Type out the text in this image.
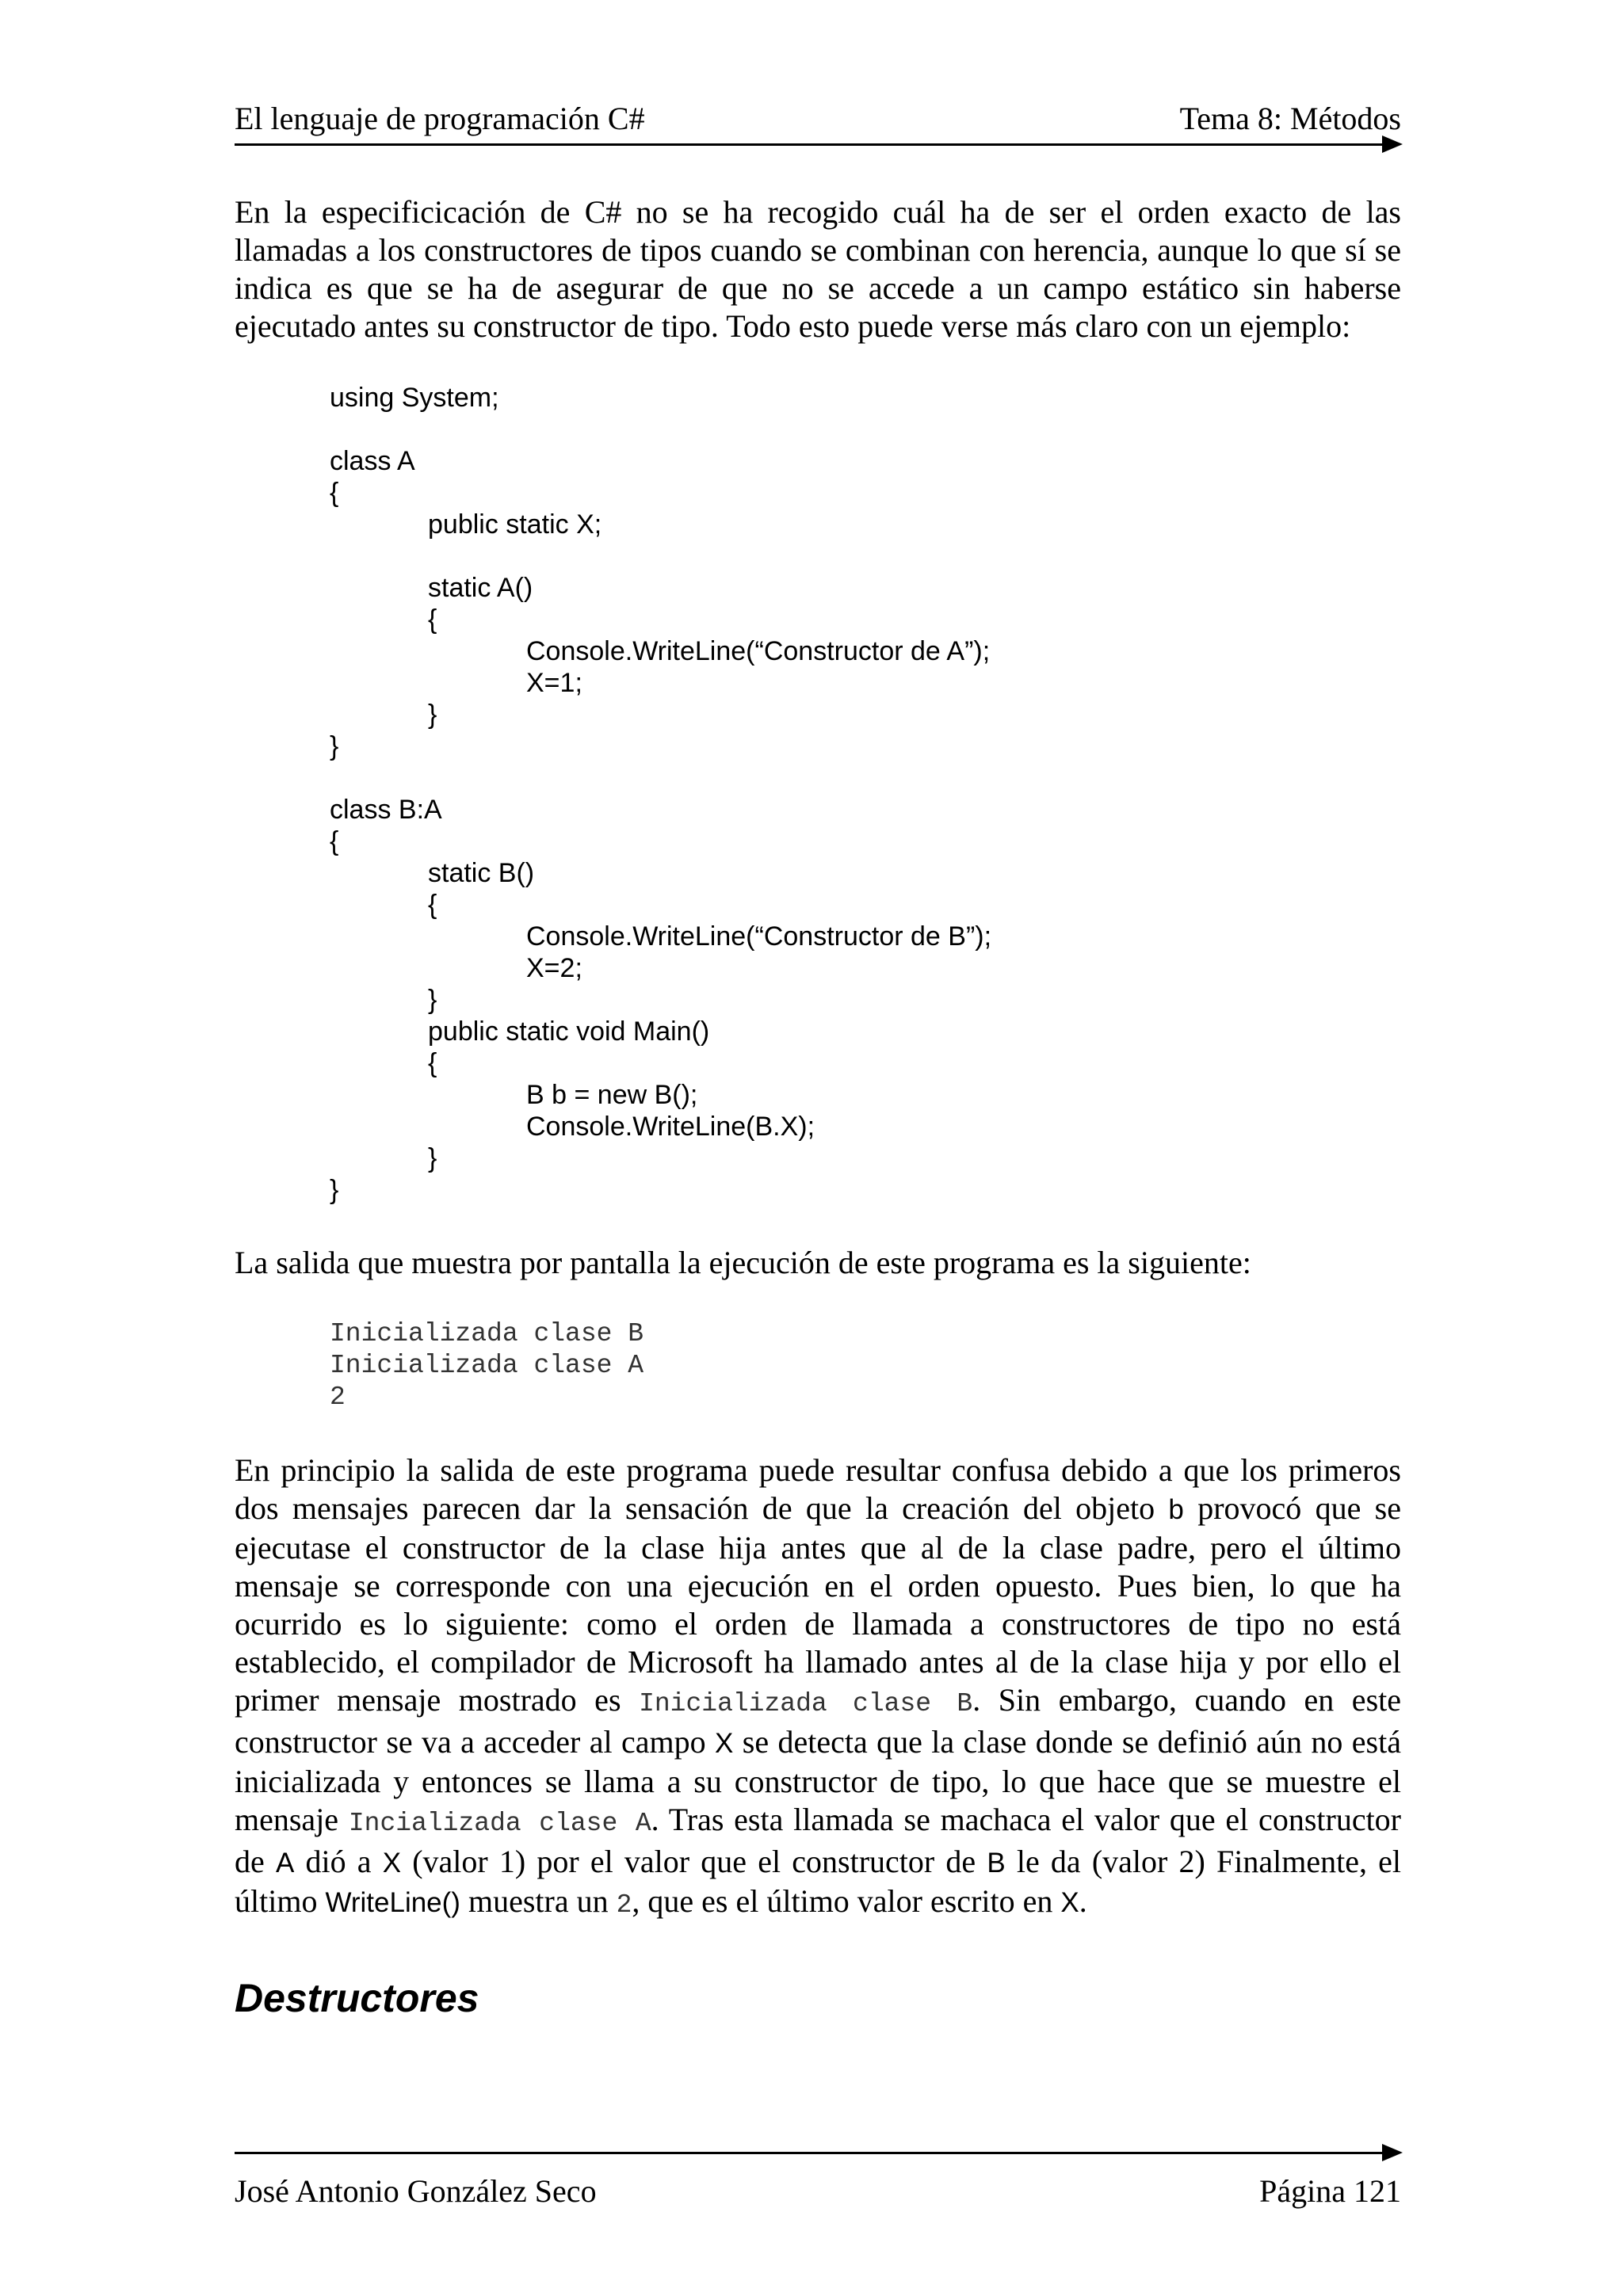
El lenguaje de programación C#	Tema 8: Métodos

En la especificicación de C# no se ha recogido cuál ha de ser el orden exacto de las llamadas a los constructores de tipos cuando se combinan con herencia, aunque lo que sí se indica es que se ha de asegurar de que no se accede a un campo estático sin haberse ejecutado antes su constructor de tipo. Todo esto puede verse más claro con un ejemplo:

using System;
class A
{
public static X;
static A()
{
Console.WriteLine(“Constructor de A”);
X=1;
}
}
class B:A
{
static B()
{
Console.WriteLine(“Constructor de B”);
X=2;
}
public static void Main()
{
B b = new B();
Console.WriteLine(B.X);
}
}

La salida que muestra por pantalla la ejecución de este programa es la siguiente:

Inicializada clase B
Inicializada clase A
2

En principio la salida de este programa puede resultar confusa debido a que los primeros dos mensajes parecen dar la sensación de que la creación del objeto b provocó que se ejecutase el constructor de la clase hija antes que al de la clase padre, pero el último mensaje se corresponde con una ejecución en el orden opuesto. Pues bien, lo que ha ocurrido es lo siguiente: como el orden de llamada a constructores de tipo no está establecido, el compilador de Microsoft ha llamado antes al de la clase hija y por ello el primer mensaje mostrado es Inicializada clase B. Sin embargo, cuando en este constructor se va a acceder al campo X se detecta que la clase donde se definió aún no está inicializada y entonces se llama a su constructor de tipo, lo que hace que se muestre el mensaje Incializada clase A. Tras esta llamada se machaca el valor que el constructor de A dió a X (valor 1) por el valor que el constructor de B le da (valor 2) Finalmente, el último WriteLine() muestra un 2, que es el último valor escrito en X.

Destructores
José Antonio González Seco	Página 121
